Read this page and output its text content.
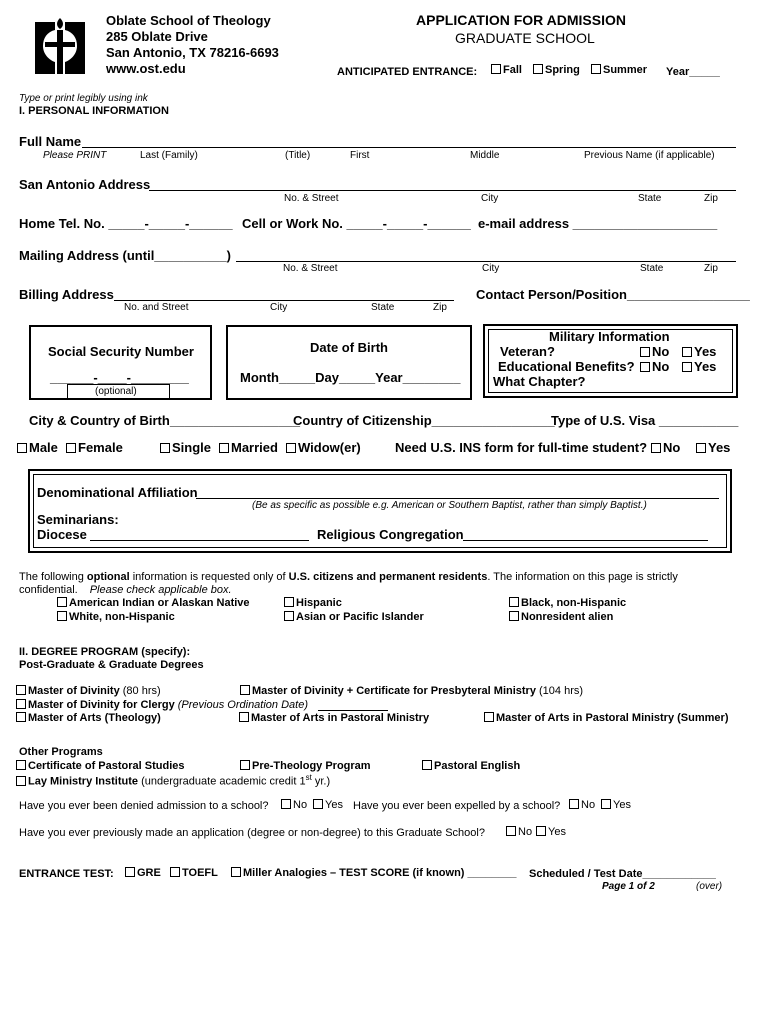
Oblate School of Theology
285 Oblate Drive
San Antonio, TX 78216-6693
www.ost.edu
APPLICATION FOR ADMISSION
GRADUATE SCHOOL
ANTICIPATED ENTRANCE:	Fall	Spring	Summer Year_____
Type or print legibly using ink
I. PERSONAL INFORMATION
Full Name
Please PRINT	Last (Family)	(Title)	First	Middle	Previous Name (if applicable)
San Antonio Address
No. & Street	City	State	Zip
Home Tel. No. _____-_____-______ Cell or Work No. _____-_____-______ e-mail address ____________________
Mailing Address (until__________)
No. & Street	City	State	Zip
Billing Address
No. and Street	City	State	Zip
Contact Person/Position_________________
Social Security Number
______-____-________
(optional)
Date of Birth
Month_____Day_____Year________
Military Information
Veteran?	No	Yes
Educational Benefits?	No	Yes
What Chapter?
City & Country of Birth__________________
Country of Citizenship_________________
Type of U.S. Visa ___________
Male	Female	Single	Married	Widow(er)	Need U.S. INS form for full-time student?	No	Yes
Denominational Affiliation
(Be as specific as possible e.g. American or Southern Baptist, rather than simply Baptist.)
Seminarians:
Diocese	Religious Congregation
The following optional information is requested only of U.S. citizens and permanent residents. The information on this page is strictly
confidential. Please check applicable box.
American Indian or Alaskan Native	Hispanic	Black, non-Hispanic
White, non-Hispanic	Asian or Pacific Islander	Nonresident alien
II. DEGREE PROGRAM (specify):
Post-Graduate & Graduate Degrees
Master of Divinity (80 hrs)	Master of Divinity + Certificate for Presbyteral Ministry (104 hrs)
Master of Divinity for Clergy (Previous Ordination Date)
Master of Arts (Theology)	Master of Arts in Pastoral Ministry	Master of Arts in Pastoral Ministry (Summer)
Other Programs
Certificate of Pastoral Studies	Pre-Theology Program	Pastoral English
Lay Ministry Institute (undergraduate academic credit 1st yr.)
Have you ever been denied admission to a school?	No	Yes Have you ever been expelled by a school?	No	Yes
Have you ever previously made an application (degree or non-degree) to this Graduate School?	No	Yes
ENTRANCE TEST:	GRE	TOEFL	Miller Analogies – TEST SCORE (if known) ________ Scheduled / Test Date____________
Page 1 of 2	(over)
